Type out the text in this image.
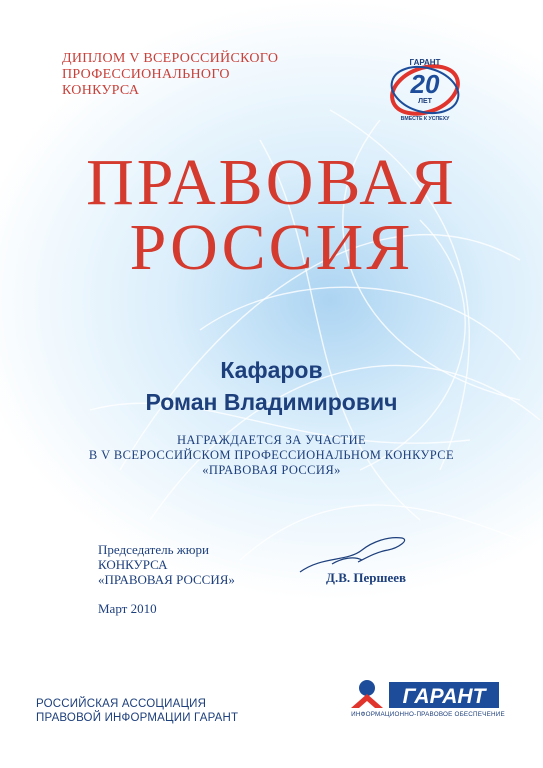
ДИПЛОМ V ВСЕРОССИЙСКОГО
ПРОФЕССИОНАЛЬНОГО
КОНКУРСА
ГАРАНТ
20
ЛЕТ
ВМЕСТЕ К УСПЕХУ
ПРАВОВАЯ
РОССИЯ
Кафаров
Роман Владимирович
НАГРАЖДАЕТСЯ ЗА УЧАСТИЕ
В V ВСЕРОССИЙСКОМ ПРОФЕССИОНАЛЬНОМ КОНКУРСЕ
«ПРАВОВАЯ РОССИЯ»
Председатель жюри
КОНКУРСА
«ПРАВОВАЯ РОССИЯ»	Д.В. Першеев
Март 2010
РОССИЙСКАЯ АССОЦИАЦИЯ
ПРАВОВОЙ ИНФОРМАЦИИ ГАРАНТ
ГАРАНТ
ИНФОРМАЦИОННО-ПРАВОВОЕ ОБЕСПЕЧЕНИЕ
